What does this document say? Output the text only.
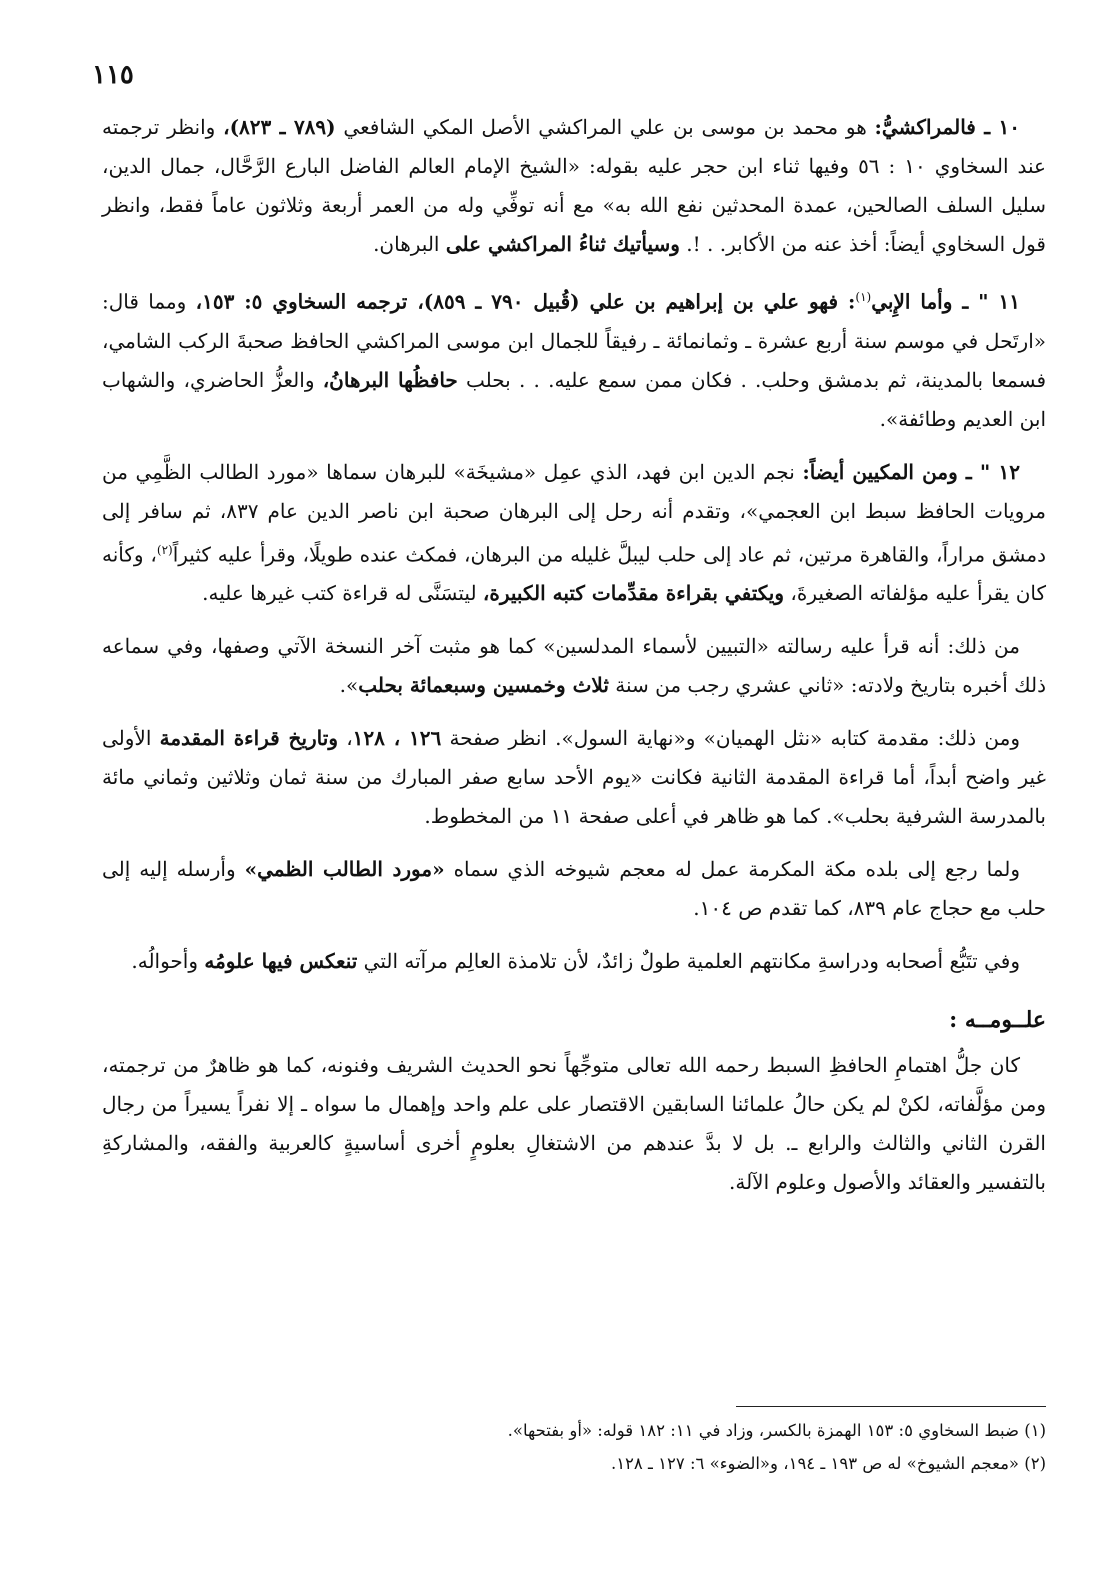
١١٥

١٠ ـ فالمراكشيُّ: هو محمد بن موسى بن علي المراكشي الأصل المكي الشافعي (٧٨٩ ـ ٨٢٣)، وانظر ترجمته عند السخاوي ١٠ : ٥٦ وفيها ثناء ابن حجر عليه بقوله: «الشيخ الإمام العالم الفاضل البارع الرَّحَّال، جمال الدين، سليل السلف الصالحين، عمدة المحدثين نفع الله به» مع أنه توفِّي وله من العمر أربعة وثلاثون عاماً فقط، وانظر قول السخاوي أيضاً: أخذ عنه من الأكابر. . !. وسيأتيك ثناءُ المراكشي على البرهان.

١١ " ـ وأما الإِبي$^{(١)}$: فهو علي بن إبراهيم بن علي (قُبيل ٧٩٠ ـ ٨٥٩)، ترجمه السخاوي ٥: ١٥٣، ومما قال: «ارتَحل في موسم سنة أربع عشرة ـ وثمانمائة ـ رفيقاً للجمال ابن موسى المراكشي الحافظ صحبةَ الركب الشامي، فسمعا بالمدينة، ثم بدمشق وحلب. . فكان ممن سمع عليه. . . بحلب حافظُها البرهانُ، والعزُّ الحاضري، والشهاب ابن العديم وطائفة».

١٢ " ـ ومن المكيين أيضاً: نجم الدين ابن فهد، الذي عمِل «مشيخَة» للبرهان سماها «مورد الطالب الظَّمِي من مرويات الحافظ سبط ابن العجمي»، وتقدم أنه رحل إلى البرهان صحبة ابن ناصر الدين عام ٨٣٧، ثم سافر إلى دمشق مراراً، والقاهرة مرتين، ثم عاد إلى حلب ليبلَّ غليله من البرهان، فمكث عنده طويلًا، وقرأ عليه كثيراً$^{(٢)}$، وكأنه كان يقرأ عليه مؤلفاته الصغيرةَ، ويكتفي بقراءة مقدِّمات كتبه الكبيرة، ليتسَنَّى له قراءة كتب غيرها عليه.

من ذلك: أنه قرأ عليه رسالته «التبيين لأسماء المدلسين» كما هو مثبت آخر النسخة الآتي وصفها، وفي سماعه ذلك أخبره بتاريخ ولادته: «ثاني عشري رجب من سنة ثلاث وخمسين وسبعمائة بحلب».

ومن ذلك: مقدمة كتابه «نثل الهميان» و«نهاية السول». انظر صفحة ١٢٦ ، ١٢٨، وتاريخ قراءة المقدمة الأولى غير واضح أبداً، أما قراءة المقدمة الثانية فكانت «يوم الأحد سابع صفر المبارك من سنة ثمان وثلاثين وثماني مائة بالمدرسة الشرفية بحلب». كما هو ظاهر في أعلى صفحة ١١ من المخطوط.

ولما رجع إلى بلده مكة المكرمة عمل له معجم شيوخه الذي سماه «مورد الطالب الظمي» وأرسله إليه إلى حلب مع حجاج عام ٨٣٩، كما تقدم ص ١٠٤.

وفي تتَبُّع أصحابه ودراسةِ مكانتهم العلمية طولٌ زائدٌ، لأن تلامذة العالِم مرآته التي تنعكس فيها علومُه وأحوالُه.

علــومــه :

كان جلُّ اهتمامِ الحافظِ السبط رحمه الله تعالى متوجِّهاً نحو الحديث الشريف وفنونه، كما هو ظاهرٌ من ترجمته، ومن مؤلَّفاته، لكنْ لم يكن حالُ علمائنا السابقين الاقتصار على علم واحد وإهمال ما سواه ـ إلا نفراً يسيراً من رجال القرن الثاني والثالث والرابع ـ. بل لا بدَّ عندهم من الاشتغالِ بعلومٍ أخرى أساسيةٍ كالعربية والفقه، والمشاركةِ بالتفسير والعقائد والأصول وعلوم الآلة.

(١) ضبط السخاوي ٥: ١٥٣ الهمزة بالكسر، وزاد في ١١: ١٨٢ قوله: «أو بفتحها».

(٢) «معجم الشيوخ» له ص ١٩٣ ـ ١٩٤، و«الضوء» ٦: ١٢٧ ـ ١٢٨.
